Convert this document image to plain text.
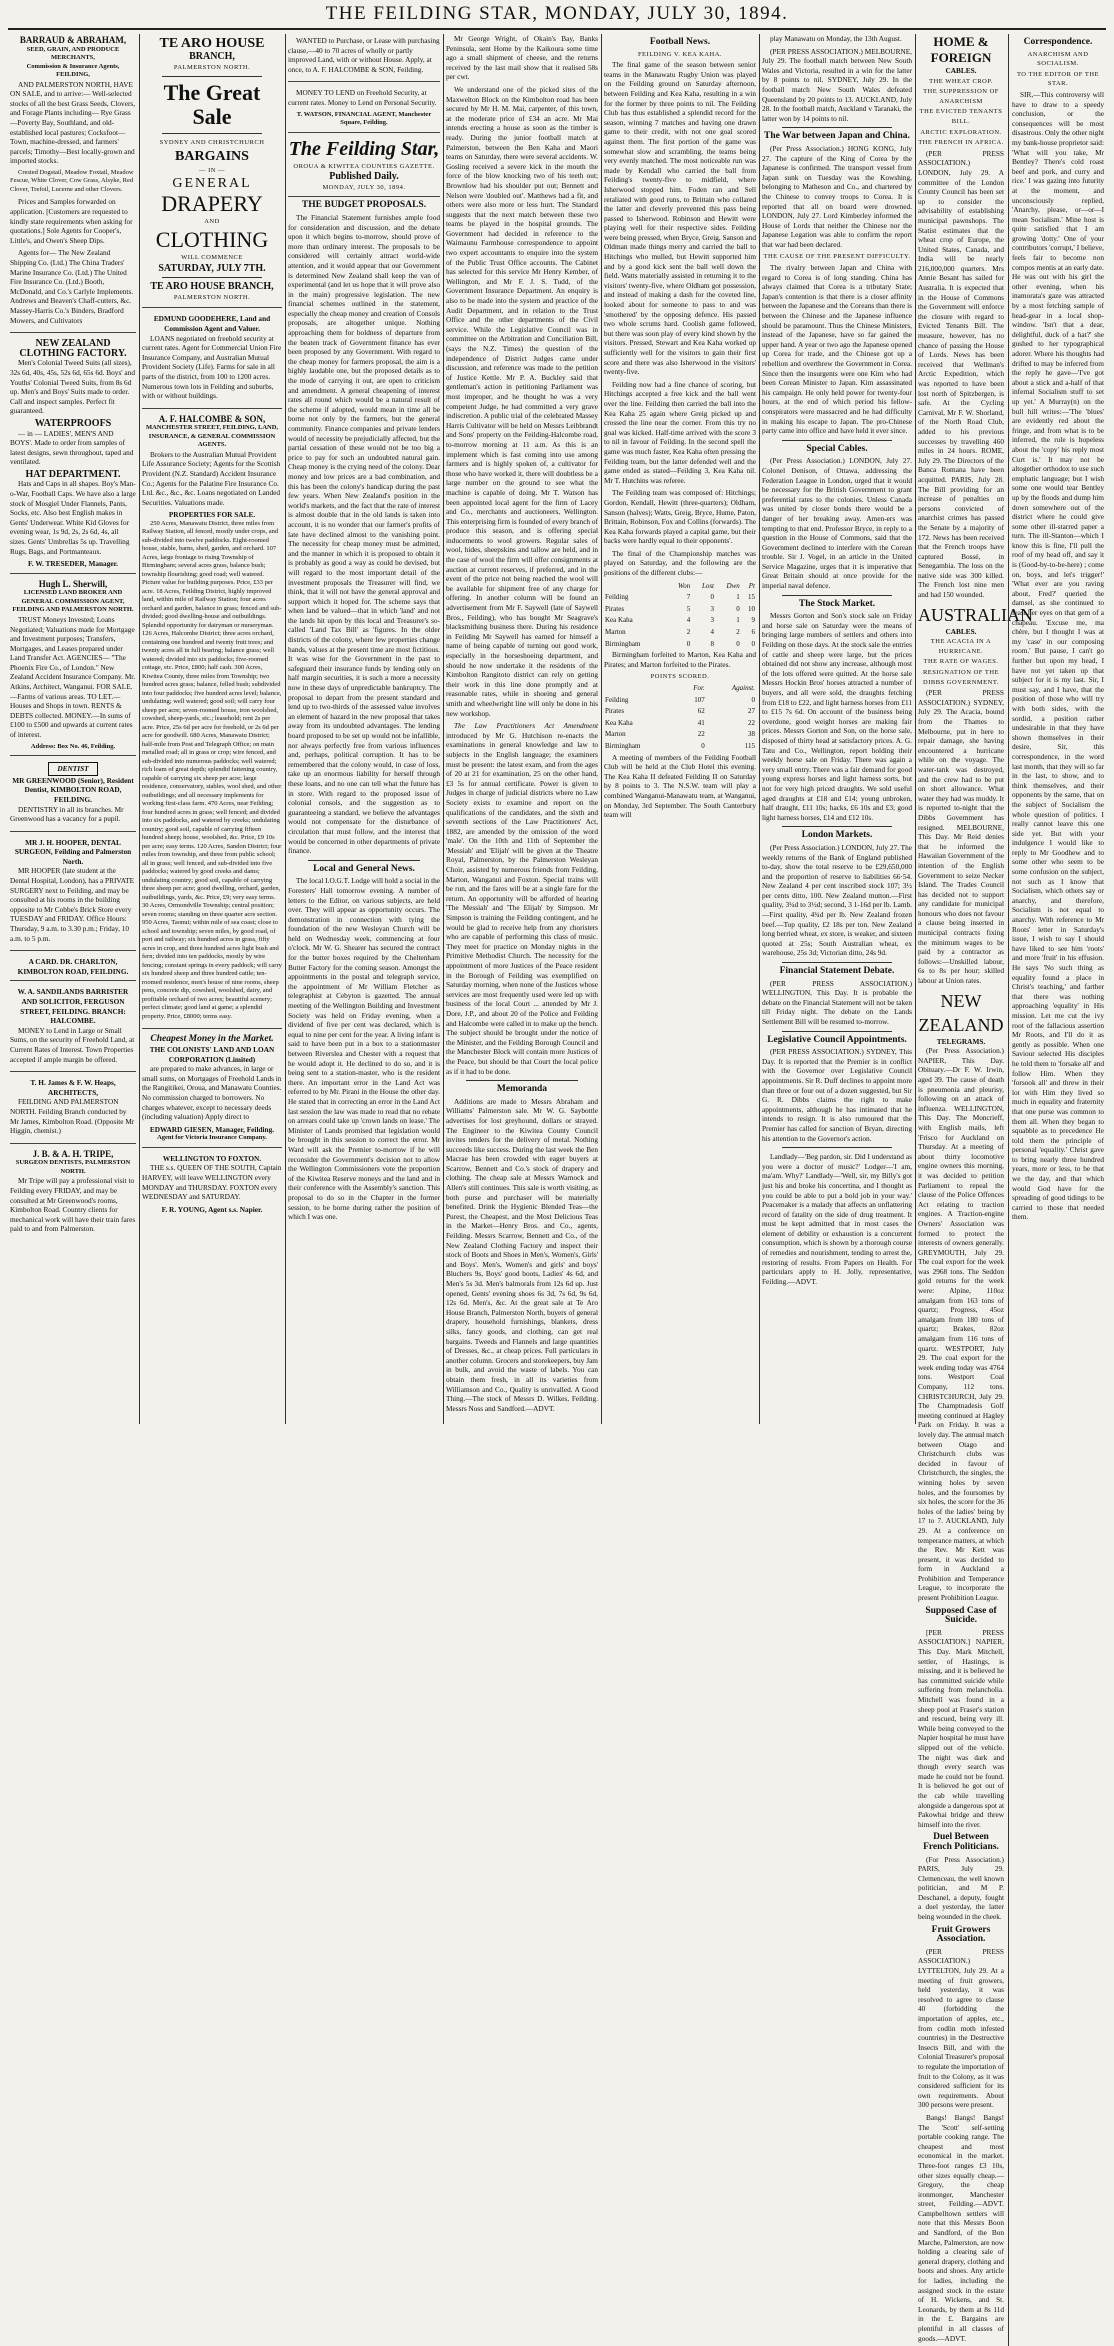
THE FEILDING STAR, MONDAY, JULY 30, 1894.
BARRAUD & ABRAHAM,
SEED, GRAIN, AND PRODUCE MERCHANTS,
Commission & Insurance Agents, FEILDING,

AND PALMERSTON NORTH, HAVE ON SALE, and to arrive:— Well-selected stocks of all the best Grass Seeds, Clovers, and Forage Plants including— Rye Grass—Poverty Bay, Southland, and old-established local pastures; Cocksfoot—Town, machine-dressed, and farmers' parcels; Timothy—Best locally-grown and imported stocks.

Crested Dogstail, Meadow Foxtail, Meadow Fescue, White Clover, Cow Grass, Alsyke, Red Clover, Trefoil, Lucerne and other Clovers.

Prices and Samples forwarded on application. [Customers are requested to kindly state requirements when asking for quotations.] Sole Agents for Cooper's, Little's, and Owen's Sheep Dips.

Agents for— The New Zealand Shipping Co. (Ltd.) The China Traders' Marine Insurance Co. (Ltd.) The United Fire Insurance Co. (Ltd.) Booth, McDonald, and Co.'s Carlyle Implements. Andrews and Beaven's Chaff-cutters, &c. Massey-Harris Co.'s Binders, Bradford Mowers, and Cultivators

NEW ZEALAND CLOTHING FACTORY.

Men's Colonial Tweed Suits (all sizes), 32s 6d, 40s, 45s, 52s 6d, 65s 6d. Boys' and Youths' Colonial Tweed Suits, from 8s 6d up. Men's and Boys' Suits made to order. Call and inspect samples. Perfect fit guaranteed.

WATERPROOFS

— in — LADIES', MEN'S AND BOYS'. Made to order from samples of latest designs, sewn throughout, taped and ventilated.

HAT DEPARTMENT.

Hats and Caps in all shapes. Boy's Man-o-War, Football Caps. We have also a large stock of Mosgiel Under Flannels, Pants, Socks, etc. Also best English makes in Gents' Underwear. White Kid Gloves for evening wear, 1s 9d, 2s, 2s 6d, 4s, all sizes. Gents' Umbrellas 5s up. Travelling Rugs, Bags, and Portmanteaux.

F. W. TRESEDER, Manager.
Hugh L. Sherwill,
LICENSED LAND BROKER AND GENERAL COMMISSION AGENT, FEILDING AND PALMERSTON NORTH.

TRUST Moneys Invested; Loans Negotiated; Valuations made for Mortgage and Investment purposes; Transfers, Mortgages, and Leases prepared under Land Transfer Act. AGENCIES— "The Phoenix Fire Co., of London." New Zealand Accident Insurance Company. Mr. Atkins, Architect, Wanganui. FOR SALE.—Farms of various areas. TO LET.—Houses and Shops in town. RENTS & DEBTS collected. MONEY.—In sums of £100 to £500 and upwards at current rates of interest.

Address: Box No. 46, Feilding.
DENTIST
MR GREENWOOD (Senior), Resident Dentist, KIMBOLTON ROAD, FEILDING.

DENTISTRY in all its branches. Mr Greenwood has a vacancy for a pupil.

MR J. H. HOOPER, DENTAL SURGEON, Feilding and Palmerston North.

MR HOOPER (late student at the Dental Hospital, London), has a PRIVATE SURGERY next to Feilding, and may be consulted at his rooms in the building opposite to Mr Cobbe's Brick Store every TUESDAY and FRIDAY. Office Hours: Thursday, 9 a.m. to 3.30 p.m.; Friday, 10 a.m. to 5 p.m.

A CARD. DR. CHARLTON, KIMBOLTON ROAD, FEILDING.
W. A. SANDILANDS BARRISTER AND SOLICITOR, FERGUSON STREET, FEILDING. BRANCH: HALCOMBE.

MONEY to Lend in Large or Small Sums, on the security of Freehold Land, at Current Rates of Interest. Town Properties accepted if ample margin be offered.

T. H. James & F. W. Heaps, ARCHITECTS,

FEILDING AND PALMERSTON NORTH. Feilding Branch conducted by Mr James, Kimbolton Road. (Opposite Mr Higgin, chemist.)

J. B. & A. H. TRIPE,
SURGEON DENTISTS, PALMERSTON NORTH.

Mr Tripe will pay a professional visit to Feilding every FRIDAY, and may be consulted at Mr Greenwood's rooms, Kimbolton Road. Country clients for mechanical work will have their train fares paid to and from Palmerston.

TE ARO HOUSE
BRANCH,
PALMERSTON NORTH.
The Great Sale
SYDNEY AND CHRISTCHURCH
BARGAINS
— IN —
GENERAL
DRAPERY
AND
CLOTHING
WILL COMMENCE
SATURDAY, JULY 7TH.
TE ARO HOUSE BRANCH,
PALMERSTON NORTH.
EDMUND GOODEHERE, Land and Commission Agent and Valuer.

LOANS negotiated on freehold security at current rates. Agent for Commercial Union Fire Insurance Company, and Australian Mutual Provident Society (Life). Farms for sale in all parts of the district, from 100 to 1200 acres. Numerous town lots in Feilding and suburbs, with or without buildings.

A. F. HALCOMBE & SON,
MANCHESTER STREET, FEILDING, LAND, INSURANCE, & GENERAL COMMISSION AGENTS.

Brokers to the Australian Mutual Provident Life Assurance Society; Agents for the Scottish Provident (N.Z. Standard) Accident Insurance Co.; Agents for the Palatine Fire Insurance Co. Ltd. &c., &c., &c. Loans negotiated on Landed Securities. Valuations made.

PROPERTIES FOR SALE.

250 Acres, Manawatu District, three miles from Railway Station, all fenced, mostly under crops, and sub-divided into twelve paddocks. Eight-roomed house, stable, barns, shed, garden, and orchard. 107 Acres, large frontage to rising Township of Birmingham; several acres grass, balance bush; township flourishing; good road; well watered. Picture value for building purposes. Price, £33 per acre. 18 Acres, Feilding District, highly improved land, within mile of Railway Station; four acres orchard and garden, balance in grass; fenced and sub-divided; good dwelling-house and outbuildings. Splendid opportunity for dairyman or nurseryman. 126 Acres, Halcombe District; three acres orchard, containing one hundred and twenty fruit trees; and twenty acres all in full bearing; balance grass; well watered; divided into six paddocks; five-roomed cottage, etc. Price, £800; half cash. 300 Acres, Kiwitea County, three miles from Township; two hundred acres grass; balance, felled bush; subdivided into four paddocks; five hundred acres level; balance, undulating; well watered; good soil; will carry four sheep per acre; seven-roomed house, iron woolshed, cowshed, sheep-yards, etc.; leasehold; rent 2s per acre. Price, 25s 6d per acre for freehold, or 2s 6d per acre for goodwill. 680 Acres, Manawatu District; half-mile from Post and Telegraph Office; on main metalled road; all in grass or crop; wire fenced, and sub-divided into numerous paddocks; well watered; rich loam of great depth; splendid fattening country, capable of carrying six sheep per acre; large residence, conservatory, stables, wool shed, and other outbuildings; and all necessary implements for working first-class farm. 470 Acres, near Feilding; four hundred acres in grass; well fenced; and divided into six paddocks, and watered by creeks; undulating country; good soil, capable of carrying fifteen hundred sheep; house, woolshed, &c. Price, £9 10s per acre; easy terms. 120 Acres, Sandon District; four miles from township, and three from public school; all in grass; well fenced, and sub-divided into five paddocks; watered by good creeks and dams; undulating country; good soil, capable of carrying three sheep per acre; good dwelling, orchard, garden, outbuildings, yards, &c. Price, £9; very easy terms. 30 Acres, Ormondville Township; central position; seven rooms; standing on three quarter acre section. 950 Acres, Taonui; within mile of sea coast; close to school and township; seven miles, by good road, of port and railway; six hundred acres in grass, fifty acres in crop, and three hundred acres light bush and fern; divided into ten paddocks, mostly by wire fencing; constant springs in every paddock; will carry six hundred sheep and three hundred cattle; ten-roomed residence, men's house of nine rooms, sheep pens, concrete dip, cowshed, woolshed, dairy, and profitable orchard of two acres; beautiful scenery; perfect climate; good land at game; a splendid property. Price, £8000; terms easy.

Cheapest Money in the Market.
THE COLONISTS' LAND AND LOAN CORPORATION (Limited)

are prepared to make advances, in large or small sums, on Mortgages of Freehold Lands in the Rangitikei, Oroua, and Manawatu Counties. No commission charged to borrowers. No charges whatever, except to necessary deeds (including valuation) Apply direct to

EDWARD GIESEN, Manager, Feilding.
Agent for Victoria Insurance Company.
WELLINGTON TO FOXTON.

THE s.s. QUEEN OF THE SOUTH, Captain HARVEY, will leave WELLINGTON every MONDAY and THURSDAY. FOXTON every WEDNESDAY and SATURDAY.

F. R. YOUNG, Agent s.s. Napier.

WANTED to Purchase, or Lease with purchasing clause,—40 to 70 acres of wholly or partly improved Land, with or without House. Apply, at once, to A. F. HALCOMBE & SON, Feilding.

MONEY TO LEND on Freehold Security, at current rates. Money to Lend on Personal Security.

T. WATSON, FINANCIAL AGENT, Manchester Square, Feilding.
The Feilding Star,
OROUA & KIWITEA COUNTIES GAZETTE.
Published Daily.
MONDAY, JULY 30, 1894.
THE BUDGET PROPOSALS.

The Financial Statement furnishes ample food for consideration and discussion, and the debate upon it which begins to-morrow, should prove of more than ordinary interest. The proposals to be considered will certainly attract world-wide attention, and it would appear that our Government is determined New Zealand shall keep the van of experimental (and let us hope that it will prove also in the main) progressive legislation. The new financial schemes outlined in the statement, especially the cheap money and creation of Consols proposals, are altogether unique. Nothing approaching them for boldness of departure from the beaten track of Government finance has ever been proposed by any Government. With regard to the cheap money for farmers proposal, the aim is a highly laudable one, but the proposed details as to the mode of carrying it out, are open to criticism and amendment. A general cheapening of interest rates all round which would be a natural result of the scheme if adopted, would mean in time all be borne not only by the farmers, but the general community. Finance companies and private lenders would of necessity be prejudicially affected, but the partial cessation of these would not be too big a price to pay for such an undoubted natural gain. Cheap money is the crying need of the colony. Dear money and low prices are a bad combination, and this has been the colony's handicap during the past few years. When New Zealand's position in the world's markets, and the fact that the rate of interest is almost double that in the old lands is taken into account, it is no wonder that our farmer's profits of late have declined almost to the vanishing point. The necessity for cheap money must be admitted, and the manner in which it is proposed to obtain it is probably as good a way as could be devised, but will regard to the most important detail of the investment proposals the Treasurer will find, we think, that it will not have the general approval and support which it hoped for. The scheme says that when land be valued—that in which 'land' and not the lands hit upon by this local and Treasurer's so-called 'Land Tax Bill' as 'figures. In the older districts of the colony, where few properties change hands, values at the present time are most fictitious. It was wise for the Government in the past to safeguard their insurance funds by lending only on half margin securities, it is such a more a necessity now in these days of unpredictable bankruptcy. The proposal to depart from the present standard and lend up to two-thirds of the assessed value involves an element of hazard in the new proposal that takes away from its undoubted advantages. The lending board proposed to be set up would not be infallible, nor always perfectly free from various influences and, perhaps, political corruption. It has to be remembered that the colony would, in case of loss, take up an enormous liability for herself through these loans, and no one can tell what the future has in store. With regard to the proposed issue of colonial consols, and the suggestion as to guaranteeing a standard, we believe the advantages would not compensate for the disturbance of circulation that must follow, and the interest that would be concerned in other departments of private finance.

Local and General News.

The local I.O.G.T. Lodge will hold a social in the Foresters' Hall tomorrow evening. A number of letters to the Editor, on various subjects, are held over. They will appear as opportunity occurs. The demonstration in connection with tying the foundation of the new Wesleyan Church will be held on Wednesday week, commencing at four o'clock. Mr W. G. Shearer has secured the contract for the butter boxes required by the Cheltenham Butter Factory for the coming season. Amongst the appointments in the postal and telegraph service, the appointment of Mr William Fletcher as telegraphist at Cebyton is gazetted. The annual meeting of the Wellington Building and Investment Society was held on Friday evening, when a dividend of five per cent was declared, which is equal to nine per cent for the year. A living infant is said to have been put in a box to a stationmaster between Riverslea and Chester with a request that he would adopt it. He declined to do so, and it is being sent to a station-master, who is the resident there. An important error in the Land Act was referred to by Mr. Pirani in the House the other day. He stated that in correcting an error in the Land Act last session the law was made to read that no rebate on arrears could take up 'crown lands on lease.' The Minister of Lands promised that legislation would be brought in this session to correct the error. Mr Ward will ask the Premier to-morrow if he will reconsider the Government's decision not to allow the Wellington Commissioners vote the proportion of the Kiwitea Reserve moneys and the land and in their conference with the Assembly's sanction. This proposal to do so in the Chapter in the former session, to be borne during rather the position of which I was one.

Mr George Wright, of Okain's Bay, Banks Peninsula, sent Home by the Kaikoura some time ago a small shipment of cheese, and the returns received by the last mail show that it realised 58s per cwt.

We understand one of the picked sites of the Maxwelton Block on the Kimbolton road has been secured by Mr H. M. Mai, carpenter, of this town, at the moderate price of £34 an acre. Mr Mai intends erecting a house as soon as the timber is ready. During the junior football match at Palmerston, between the Ben Kaha and Maori teams on Saturday, there were several accidents. W. Gosling received a severe kick in the mouth the force of the blow knocking two of his teeth out; Brownlow had his shoulder put out; Bennett and Nelson were 'doubled out'. Matthews had a fit, and others were also more or less hurt. The Standard suggests that the next match between these two teams be played in the hospital grounds. The Government had decided in reference to the Waimaunu Farmhouse correspondence to appoint two expert accountants to enquire into the system of the Public Trust Office accounts. The Cabinet has selected for this service Mr Henry Kember, of Wellington, and Mr F. J. S. Tudd, of the Government Insurance Department. An enquiry is also to be made into the system and practice of the Audit Department, and in relation to the Trust Office and the other departments of the Civil service. While the Legislative Council was in committee on the Arbitration and Conciliation Bill, (says the N.Z. Times) the question of the independence of District Judges came under discussion, and reference was made to the petition of Justice Kettle. Mr P. A. Buckley said that gentleman's action in petitioning Parliament was most improper, and he thought he was a very competent Judge, he had committed a very grave indiscretion. A public trial of the celebrated Massey Harris Cultivator will be held on Messrs Leibbrandt and Sons' property on the Feilding-Halcombe road, to-morrow morning at 11 a.m. As this is an implement which is fast coming into use among farmers and is highly spoken of, a cultivator for those who have worked it, there will doubtless be a large number on the ground to see what the machine is capable of doing. Mr T. Watson has been appointed local agent for the firm of Lacey and Co., merchants and auctioneers, Wellington. This enterprising firm is founded of every branch of produce this season, and is offering special inducements to wool growers. Regular sales of wool, hides, sheepskins and tallow are held, and in the case of wool the firm will offer consignments at auction at current reserves, if preferred, and in the event of the price not being reached the wool will be available for shipment free of any charge for offering. In another column will be found an advertisement from Mr F. Saywell (late of Saywell Bros., Feilding), who has bought Mr Seagrave's blacksmithing business there. During his residence in Feilding Mr Saywell has earned for himself a name of being capable of turning out good work, especially in the horseshoeing department, and should he now undertake it the residents of the Kimbolton Rangitoto district can rely on getting their work in this line done promptly and at reasonable rates, while in shoeing and general smith and wheelwright line will only be done in his new workshop.

The Law Practitioners Act Amendment introduced by Mr G. Hutchison re-enacts the examinations in general knowledge and law to subjects in the English language; the examiners must be present: the latest exam, and from the ages of 20 at 21 for examination, 25 on the other hand, £3 5s for annual certificate. Power is given to Judges in charge of judicial districts where no Law Society exists to examine and report on the qualifications of the candidates, and the sixth and seventh sections of the Law Practitioners' Act, 1882, are amended by the omission of the word 'male'. On the 10th and 11th of September the 'Messiah' and 'Elijah' will be given at the Theatre Royal, Palmerston, by the Palmerston Wesleyan Choir, assisted by numerous friends from Feilding, Marton, Wanganui and Foxton. Special trains will be run, and the fares will be at a single fare for the return. An opportunity will be afforded of hearing 'The Messiah' and 'The Elijah' by Simpson. Mr Simpson is training the Feilding contingent, and he would be glad to receive help from any choristers who are capable of performing this class of music. They meet for practice on Monday nights in the Primitive Methodist Church. The necessity for the appointment of more Justices of the Peace resident in the Borough of Feilding was exemplified on Saturday morning, when none of the Justices whose services are most frequently used were led up with business of the local Court ... attended by Mr J. Dore, J.P., and about 20 of the Police and Feilding and Halcombe were called in to make up the bench. The subject should be brought under the notice of the Minister, and the Feilding Borough Council and the Manchester Block will contain more Justices of the Peace, but should be that Court the local police as if it had to be done.

Memoranda

Additions are made to Messrs Abraham and Williams' Palmerston sale. Mr W. G. Saybottle advertises for lost greyhound, dollars or strayed. The Engineer to the Kiwitea County Council invites tenders for the delivery of metal. Nothing succeeds like success. During the last week the Ben Macrae has been crowded with eager buyers at Scarrow, Bennett and Co.'s stock of drapery and clothing. The cheap sale at Messrs Warnock and Allen's still continues. This sale is worth visiting, as both purse and purchaser will be materially benefited. Drink the Hygienic Blended Teas—the Purest, the Cheapest, and the Most Delicious Teas in the Market—Henry Bros. and Co., agents, Feilding. Messrs Scarrow, Bennett and Co., of the New Zealand Clothing Factory and inspect their stock of Boots and Shoes in Men's, Women's, Girls' and Boys'. Men's, Women's and girls' and boys' Bluchers 9s, Boys' good boots, Ladies' 4s 6d, and Men's 5s 3d. Men's balmorals from 12s 6d up. Just opened, Gents' evening shoes 6s 3d, 7s 6d, 9s 6d, 12s 6d. Men's, &c. At the great sale at Te Aro House Branch, Palmerston North, buyers of general drapery, household furnishings, blankets, dress silks, fancy goods, and clothing, can get real bargains. Tweeds and Flannels and large quantities of Dresses, &c., at cheap prices. Full particulars in another column. Grocers and storekeepers, buy Jam in bulk, and avoid the waste of labels. You can obtain them fresh, in all its varieties from Williamson and Co., Quality is unrivalled. A Good Thing.—The stock of Messrs D. Wilkes, Feilding. Messrs Noss and Sandford.—ADVT.

Football News.
FEILDING V. KEA KAHA.

The final game of the season between senior teams in the Manawatu Rugby Union was played on the Feilding ground on Saturday afternoon, between Feilding and Kea Kaha, resulting in a win for the former by three points to nil. The Feilding Club has thus established a splendid record for the season, winning 7 matches and having one drawn game to their credit, with not one goal scored against them. The first portion of the game was somewhat slow and scrambling, the teams being very evenly matched. The most noticeable run was made by Kendall who carried the ball from Feilding's twenty-five to midfield, where Isherwood stopped him. Foden ran and Sell retaliated with good runs, to Brittain who collared the latter and cleverly prevented this pass being passed to Isherwood. Robinson and Hewitt were playing well for their respective sides. Feilding were being pressed, when Bryce, Greig, Sanson and Oldman made things merry and carried the ball to Hitchings who mulled, but Hewitt supported him and by a good kick sent the ball well down the field. Watts materially assisted in returning it to the visitors' twenty-five, where Oldham got possession, and instead of making a dash for the coveted line, looked about for someone to pass to and was 'smothered' by the opposing defence. His passed two whole scrums hard. Coolish game followed, but there was soon play of every kind shown by the visitors. Pressed, Stewart and Kea Kaha worked up sufficiently well for the visitors to gain their first score and there was also Isherwood in the visitors' twenty-five.

Feilding now had a fine chance of scoring, but Hitchings accepted a free kick and the ball went over the line. Feilding then carried the ball into the Kea Kaha 25 again where Greig picked up and crossed the line near the corner. From this try no goal was kicked. Half-time arrived with the score 3 to nil in favour of Feilding. In the second spell the game was much faster, Kea Kaha often pressing the Feilding team, but the latter defended well and the game ended as stated—Feilding 3, Kea Kaha nil. Mr T. Hutchins was referee.

The Feilding team was composed of: Hitchings; Gordon, Kendall, Hewitt (three-quarters); Oldham, Sanson (halves); Watts, Greig, Bryce, Hume, Paton, Brittain, Robinson, Fox and Collins (forwards). The Kea Kaha forwards played a capital game, but their backs were hardly equal to their opponents'.

The final of the Championship matches was played on Saturday, and the following are the positions of the different clubs:—

	Won	Lost	Dwn	Pt
Feilding	7	0	1	15
Pirates	5	3	0	10
Kea Kaha	4	3	1	9
Marton	2	4	2	6
Birmingham	0	8	0	0

Birmingham forfeited to Marton, Kea Kaha and Pirates; and Marton forfeited to the Pirates.

POINTS SCORED.
	For.	Against.
Feilding	107	0
Pirates	62	27
Kea Kaha	41	22
Marton	22	38
Birmingham	0	115

A meeting of members of the Feilding Football Club will be held at the Club Hotel this evening. The Kea Kaha II defeated Feilding II on Saturday by 8 points to 3. The N.S.W. team will play a combined Wanganui-Manawatu team, at Wanganui, on Monday, 3rd September. The South Canterbury team will

play Manawatu on Monday, the 13th August.

(PER PRESS ASSOCIATION.) MELBOURNE, July 29. The football match between New South Wales and Victoria, resulted in a win for the latter by 8 points to nil. SYDNEY, July 29. In the football match New South Wales defeated Queensland by 20 points to 13. AUCKLAND, July 28. In the football match, Auckland v Taranaki, the latter won by 14 points to nil.

The War between Japan and China.

(Per Press Association.) HONG KONG, July 27. The capture of the King of Corea by the Japanese is confirmed. The transport vessel from Japan sunk on Tuesday was the Kowshing, belonging to Matheson and Co., and chartered by the Chinese to convey troops to Corea. It is reported that all on board were drowned. LONDON, July 27. Lord Kimberley informed the House of Lords that neither the Chinese nor the Japanese Legation was able to confirm the report that war had been declared.

THE CAUSE OF THE PRESENT DIFFICULTY.

The rivalry between Japan and China with regard to Corea is of long standing. China has always claimed that Corea is a tributary State; Japan's contention is that there is a closer affinity between the Japanese and the Coreans than there is between the Chinese and the Japanese influence should be paramount. Thus the Chinese Ministers, instead of the Japanese, have so far gained the upper hand. A year or two ago the Japanese opened up Corea for trade, and the Chinese got up a rebellion and overthrew the Government in Corea. Since then the insurgents were one Kim who had been Corean Minister to Japan. Kim assassinated his campaign. He only held power for twenty-four hours, at the end of which period his fellow-conspirators were massacred and he had difficulty in making his escape to Japan. The pro-Chinese party came into office and have held it ever since.

Special Cables.

(Per Press Association.) LONDON, July 27. Colonel Denison, of Ottawa, addressing the Federation League in London, urged that it would be necessary for the British Government to grant preferential rates to the colonies. Unless Canada was united by closer bonds there would be a danger of her breaking away. Amen-ers was tempting to that end. Professor Bryce, in reply to a question in the House of Commons, said that the Government declined to interfere with the Corean trouble. Sir J. Vogel, in an article in the United Service Magazine, urges that it is imperative that Great Britain should at once provide for the imperial naval defence.

The Stock Market.

Messrs Gorton and Son's stock sale on Friday and horse sale on Saturday were the means of bringing large numbers of settlers and others into Feilding on those days. At the stock sale the entries of cattle and sheep were large, but the prices obtained did not show any increase, although most of the lots offered were quitted. At the horse sale Messrs Hockin Bros' horses attracted a number of buyers, and all were sold, the draughts fetching from £18 to £22, and light harness horses from £11 to £15 7s 6d. On account of the business being overdone, good weight horses are making fair prices. Messrs Gorton and Son, on the horse sale, disposed of thirty head at satisfactory prices. A. G. Tatu and Co., Wellington, report holding their weekly horse sale on Friday. There was again a very small entry. There was a fair demand for good young express horses and light harness sorts, but not for very high priced draughts. We sold useful aged draughts at £18 and £14; young unbroken, half draught, £11 10s; hacks, £6 10s and £3; good light harness horses, £14 and £12 10s.

London Markets.

(Per Press Association.) LONDON, July 27. The weekly returns of the Bank of England published to-day, show the total reserve to be £29,650,000 and the proportion of reserve to liabilities 66·54. New Zealand 4 per cent inscribed stock 107; 3½ per cents ditto, 100. New Zealand mutton.—First quality, 3¼d to 3½d; second, 3 1-16d per lb. Lamb.—First quality, 4¾d per lb. New Zealand frozen beef.—Top quality, £2 18s per ton. New Zealand long berried wheat, ex store, is weaker, and sixteen quoted at 25s; South Australian wheat, ex warehouse, 25s 3d; Victorian ditto, 24s 9d.

Financial Statement Debate.

(PER PRESS ASSOCIATION.) WELLINGTON, This Day. It is probable the debate on the Financial Statement will not be taken till Friday night. The debate on the Lands Settlement Bill will be resumed to-morrow.

Legislative Council Appointments.

(PER PRESS ASSOCIATION.) SYDNEY, This Day. It is reported that the Premier is in conflict with the Governor over Legislative Council appointments. Sir R. Duff declines to appoint more than three or four out of a dozen suggested, but Sir G. R. Dibbs claims the right to make appointments, although he has intimated that he intends to resign. It is also rumoured that the Premier has called for sanction of Bryan, directing his attention to the Governor's action.

Landlady—'Beg pardon, sir. Did I understand as you were a doctor of music?' Lodger—'I am, ma'am. Why?' Landlady—'Well, sir, my Billy's got just his and broke his concertina, and I thought as you could be able to put a bold job in your way.' Peacemaker is a malady that affects an unflattering record of fatality on the side of drug treatment. It must be kept admitted that in most cases the element of debility or exhaustion is a concurrent consumption, which is shown by a thorough course of remedies and nourishment, tending to arrest the, restoring of results. From Papers on Health. For particulars apply to H. Jolly, representative, Feilding.—ADVT.

HOME & FOREIGN
CABLES.
THE WHEAT CROP.
THE SUPPRESSION OF ANARCHISM
THE EVICTED TENANTS BILL.
ARCTIC EXPLORATION.
THE FRENCH IN AFRICA.

(PER PRESS ASSOCIATION.) LONDON, July 29. A committee of the London County Council has been set up to consider the advisability of establishing municipal pawnshops. The Statist estimates that the wheat crop of Europe, the United States, Canada, and India will be nearly 216,000,000 quarters. Mrs Annie Besant has sailed for Australia. It is expected that in the House of Commons the Government will enforce the closure with regard to Evicted Tenants Bill. The measure, however, has no chance of passing the House of Lords. News has been received that Wellman's Arctic Expedition, which was reported to have been lost north of Spitzbergen, is safe. At the Cycling Carnival, Mr F. W. Shorland, of the North Road Club, added to his previous successes by travelling 460 miles in 24 hours. ROME, July 29. The Directors of the Banca Romana have been acquitted. PARIS, July 28. The Bill providing for an increase of penalties on persons convicted of anarchist crimes has passed the Senate by a majority of 172. News has been received that the French troops have captured Bossé, in Senegambia. The loss on the native side was 300 killed. The French lost nine men and had 150 wounded.

AUSTRALIAN
CABLES.
THE ACACIA IN A HURRICANE.
THE RATE OF WAGES.
RESIGNATION OF THE DIBBS GOVERNMENT.

(PER PRESS ASSOCIATION.) SYDNEY, July 29. The Acacia, bound from the Thames to Melbourne, put in here to repair damage, she having encountered a hurricane while on the voyage. The water-tank was destroyed, and the crew had to be put on short allowance. What water they had was muddy. It is reported to-night that the Dibbs Government has resigned. MELBOURNE, This Day. Mr Reid denies that he informed the Hawaiian Government of the intention of the English Government to seize Necker Island. The Trades Council has decided not to support any candidate for municipal honours who does not favour a clause being inserted in municipal contracts fixing the minimum wages to be paid by a contractor as follows:—Unskilled labour, 6s to 8s per hour; skilled labour at Union rates.

NEW ZEALAND
TELEGRAMS.

(Per Press Association.) NAPIER, This Day. Obituary.—Dr F. W. Irwin, aged 39. The cause of death is pneumonia and pleurisy, following on an attack of influenza. WELLINGTON, This Day. The Moncrieff, with English mails, left 'Frisco for Auckland on Thursday. At a meeting of about thirty locomotive engine owners this morning, it was decided to petition Parliament to repeal the clause of the Police Offences Act relating to traction engines. A Traction-engine Owners' Association was formed to protect the interests of owners generally. GREYMOUTH, July 29. The coal export for the week was 2968 tons. The Seddon gold returns for the week were: Alpine, 110oz amalgam from 163 tons of quartz; Progress, 45oz amalgam from 180 tons of quartz; Brakes, 82oz amalgam from 116 tons of quartz. WESTPORT, July 29. The coal export for the week ending today was 4764 tons. Westport Coal Company, 112 tons. CHRISTCHURCH, July 29. The Champtnadesis Golf meeting continued at Hagley Park on Friday. It was a lovely day. The annual match between Otago and Christchurch clubs was decided in favour of Christchurch, the singles, the winning holes by seven holes, and the foursomes by six holes, the score for the 36 holes of the ladies' being by 17 to 7. AUCKLAND, July 29. At a conference on temperance matters, at which the Rev. Mr Kett was present, it was decided to form in Auckland a Prohibition and Temperance League, to incorporate the present Prohibition League.

Supposed Case of Suicide.

[PER PRESS ASSOCIATION.] NAPIER, This Day. Mark Mitchell, settler, of Hastings, is missing, and it is believed he has committed suicide while suffering from melancholia. Mitchell was found in a sheep pool at Fraser's station and rescued, being very ill. While being conveyed to the Napier hospital he must have slipped out of the vehicle. The night was dark and though every search was made he could not be found. It is believed he got out of the cab while travelling alongside a dangerous spot at Pakowhai bridge and threw himself into the river.

Duel Between French Politicians.

(For Press Association.) PARIS, July 29. Clemenceau, the well known politician, and M P. Deschanel, a deputy, fought a duel yesterday, the latter being wounded in the cheek.

Fruit Growers Association.

(PER PRESS ASSOCIATION.) LYTTELTON, July 29. At a meeting of fruit growers, held yesterday, it was resolved to agree to clause 40 (forbidding the importation of apples, etc., from codlin moth infested countries) in the Destructive Insects Bill, and with the Colonial Treasurer's proposal to regulate the importation of fruit to the Colony, as it was considered sufficient for its own requirements. About 300 persons were present.

Bangs! Bangs! Bangs! The 'Scott' self-setting portable cooking range. The cheapest and most economical in the market. Three-foot ranges £3 10s, other sizes equally cheap.—Gregory, the cheap ironmonger, Manchester street, Feilding.—ADVT. Campbelltown settlers will note that this Messrs Boon and Sandford, of the Bon Marche, Palmerston, are now holding a clearing sale of general drapery, clothing and boots and shoes. Any article for ladies, including the assigned stock in the estate of H. Wickens, and St. Leonards, by them at 8s 11d in the £. Bargains are plentiful in all classes of goods.—ADVT.

Correspondence.
ANARCHISM AND SOCIALISM.
TO THE EDITOR OF THE STAR.

SIR,—This controversy will have to draw to a speedy conclusion, or the consequences will be most disastrous. Only the other night my bank-house proprietor said: 'What will you take, Mr Bentley? There's cold roast beef and pork, and curry and rice.' I was gazing into futurity at the moment, and unconsciously replied, 'Anarchy, please, or—or—I mean Socialism.' Mine host is quite satisfied that I am growing 'dotty.' One of your contributors 'corrupt,' I believe, feels fair to become non compos mentis at an early date. He was out with his girl the other evening, when his inamorata's gaze was attracted by a most fetching sample of head-gear in a local shop-window. 'Isn't that a dear, delightful, duck of a hat?' she gushed to her typographical adorer. Where his thoughts had drifted to may be inferred from the reply he gave—'I've got about a stick and a-half of that infernal Socialism stuff to set up yet.' A Murray(n) on the bull hill writes:—'The 'blues' are evidently red about the fringe, and from what is to be inferred, the rule is hopeless about the 'copy' his reply most Curt is.' It may not be altogether orthodox to use such emphatic language; but I wish some one would tear Bentley up by the floods and dump him down somewhere out of the district where he could give some other ill-starred paper a turn. The ill-Stanton—which I know this is fine, I'll pull the roof of my head off, and say it is (Good-by-to-be-here) ; come on, boys, and let's trigger!' 'What ever are you raving about, Fred?' queried the damsel, as she continued to feast her eyes on that gem of a chapeau. 'Excuse me, ma chère, but I thought I was at my 'case' in our composing room.' But pause, I can't go further but upon my head, I have not yet taken up that subject for it is my last. Sir, I must say, and I have, that the position of those who will try with both sides, with the sordid, a position rather undesirable in that they have shown themselves in their desire, Sir, this correspondence, in the word last month, that they will so far in the last, to show, and to think themselves, and their opponents by the same, that on the subject of Socialism the whole question of politics. I really cannot leave this one side yet. But with your indulgence I would like to reply to Mr Goodhew and to some other who seem to be some confusion on the subject, not such as I know that Socialism, which others say or anarchy, and therefore, Socialism is not equal to anarchy. With reference to Mr Roots' letter in Saturday's issue, I wish to say I should have liked to see him 'roots' and more 'fruit' in his effusion. He says 'No such thing as equality found a place in Christ's teaching,' and farther that there was nothing approaching 'equality' in His mission. Let me cut the ivy root of the fallacious assertion Mr Roots, and I'll do it as gently as possible. When one Saviour selected His disciples he told them to 'forsake all' and follow Him. When they 'forsook all' and threw in their lot with Him they lived so much in equality and fraternity that one purse was common to them all. When they began to squabble as to precedence He told them the principle of personal 'equality.' Christ gave to bring nearly three hundred years, more or less, to be that we the day, and that which would God have for the spreading of good tidings to be carried to those that needed them.
